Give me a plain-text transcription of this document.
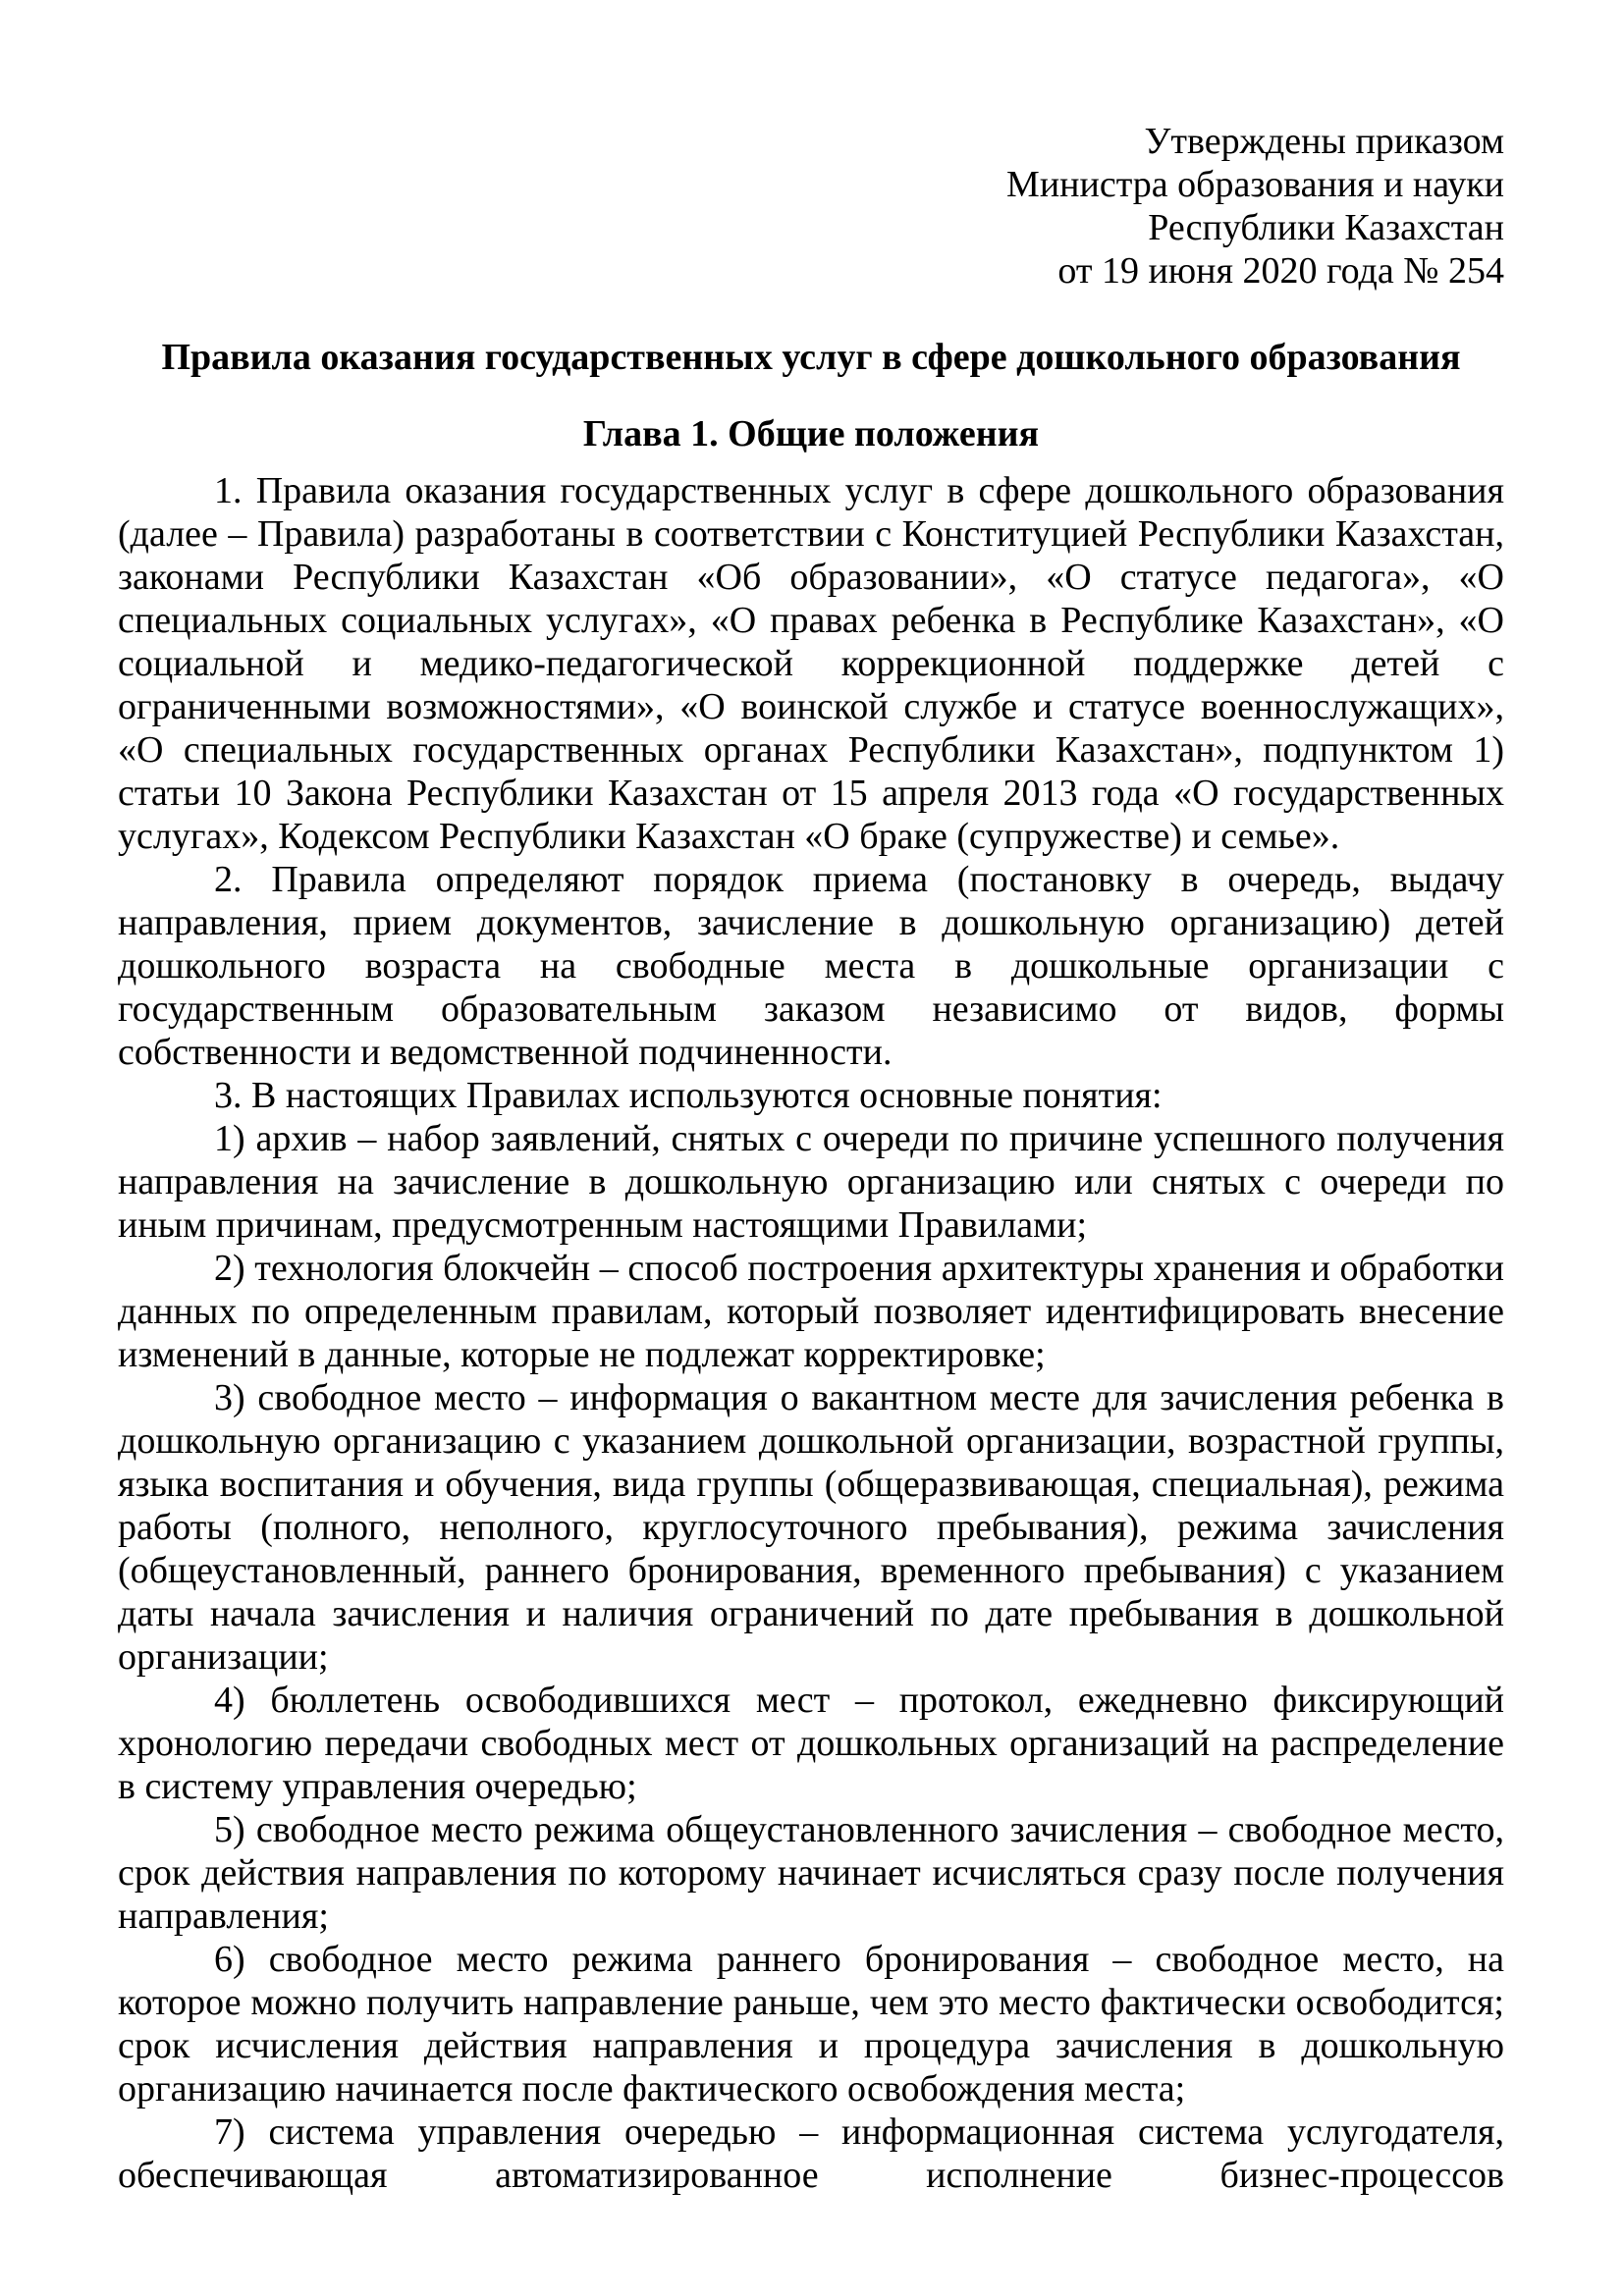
Утверждены приказом
Министра образования и науки
Республики Казахстан
от 19 июня 2020 года № 254
Правила оказания государственных услуг в сфере дошкольного образования
Глава 1. Общие положения

1. Правила оказания государственных услуг в сфере дошкольного образования (далее – Правила) разработаны в соответствии с Конституцией Республики Казахстан, законами Республики Казахстан «Об образовании», «О статусе педагога», «О специальных социальных услугах», «О правах ребенка в Республике Казахстан», «О социальной и медико-педагогической коррекционной поддержке детей с ограниченными возможностями», «О воинской службе и статусе военнослужащих», «О специальных государственных органах Республики Казахстан», подпунктом 1) статьи 10 Закона Республики Казахстан от 15 апреля 2013 года «О государственных услугах», Кодексом Республики Казахстан «О браке (супружестве) и семье».

2. Правила определяют порядок приема (постановку в очередь, выдачу направления, прием документов, зачисление в дошкольную организацию) детей дошкольного возраста на свободные места в дошкольные организации с государственным образовательным заказом независимо от видов, формы собственности и ведомственной подчиненности.

3. В настоящих Правилах используются основные понятия:

1) архив – набор заявлений, снятых с очереди по причине успешного получения направления на зачисление в дошкольную организацию или снятых с очереди по иным причинам, предусмотренным настоящими Правилами;

2) технология блокчейн – способ построения архитектуры хранения и обработки данных по определенным правилам, который позволяет идентифицировать внесение изменений в данные, которые не подлежат корректировке;

3) свободное место – информация о вакантном месте для зачисления ребенка в дошкольную организацию с указанием дошкольной организации, возрастной группы, языка воспитания и обучения, вида группы (общеразвивающая, специальная), режима работы (полного, неполного, круглосуточного пребывания), режима зачисления (общеустановленный, раннего бронирования, временного пребывания) с указанием даты начала зачисления и наличия ограничений по дате пребывания в дошкольной организации;

4) бюллетень освободившихся мест – протокол, ежедневно фиксирующий хронологию передачи свободных мест от дошкольных организаций на распределение в систему управления очередью;

5) свободное место режима общеустановленного зачисления – свободное место, срок действия направления по которому начинает исчисляться сразу после получения направления;

6) свободное место режима раннего бронирования – свободное место, на которое можно получить направление раньше, чем это место фактически освободится; срок исчисления действия направления и процедура зачисления в дошкольную организацию начинается после фактического освобождения места;

7) система управления очередью – информационная система услугодателя, обеспечивающая автоматизированное исполнение бизнес-процессов
